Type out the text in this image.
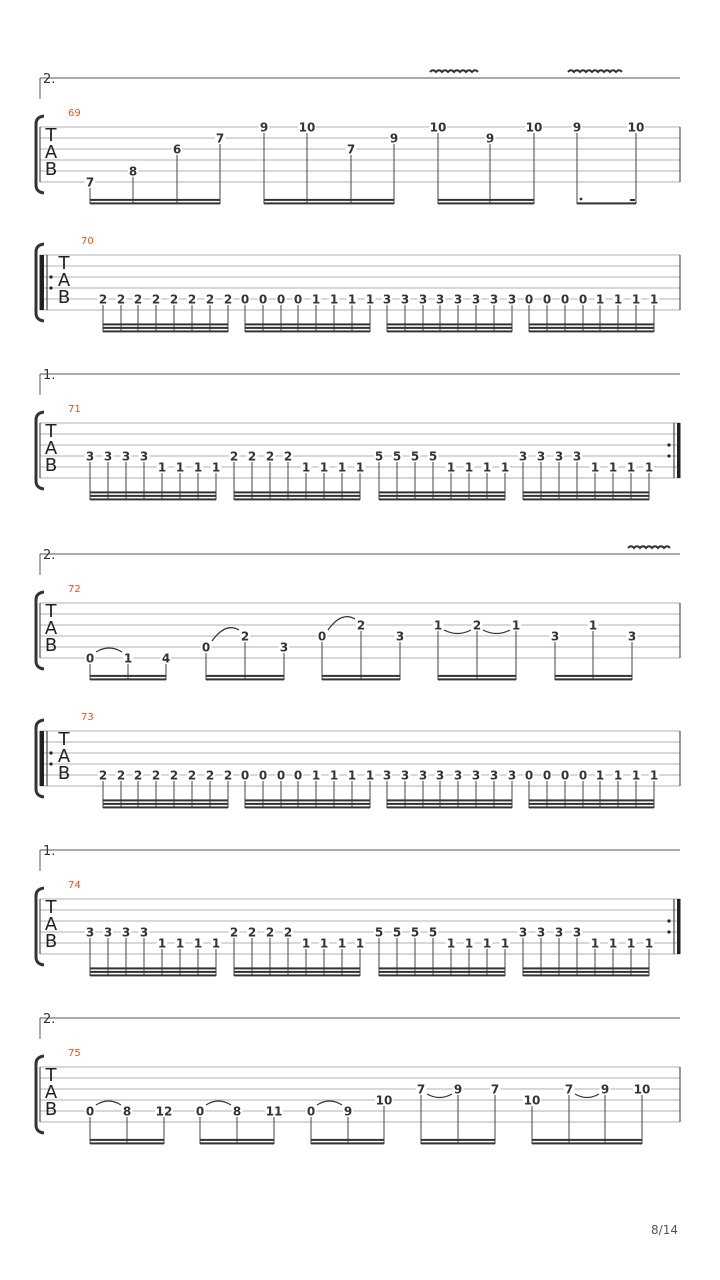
2.
69
T
A
B
7
8
6
7
9	10
7
9
10
9
10	9	10
70
T
A
B 2 2 2 2 2 2 2 2 0 0 0 0 1 1 1 1 3 3 3 3 3 3 3 3 0 0 0 0 1 1 1 1
1.
71
T
A
B 3 3 3 3
1 1 1 1
2 2 2 2
1 1 1 1
5 5 5 5
1 1 1 1
3 3 3 3
1 1 1 1
2.
72
T
A
B
0 1 4
0
2
3
0
2
3
1	2	1
3
1
3
73
T
A
B 2 2 2 2 2 2 2 2 0 0 0 0 1 1 1 1 3 3 3 3 3 3 3 3 0 0 0 0 1 1 1 1
1.
74
T
A
B 3 3 3 3
1 1 1 1
2 2 2 2
1 1 1 1
5 5 5 5
1 1 1 1
3 3 3 3
1 1 1 1
2.
75
T
A
B 0 8 12 0 8 11 0 9
10
7 9 7
10
7 9 10
8/14
